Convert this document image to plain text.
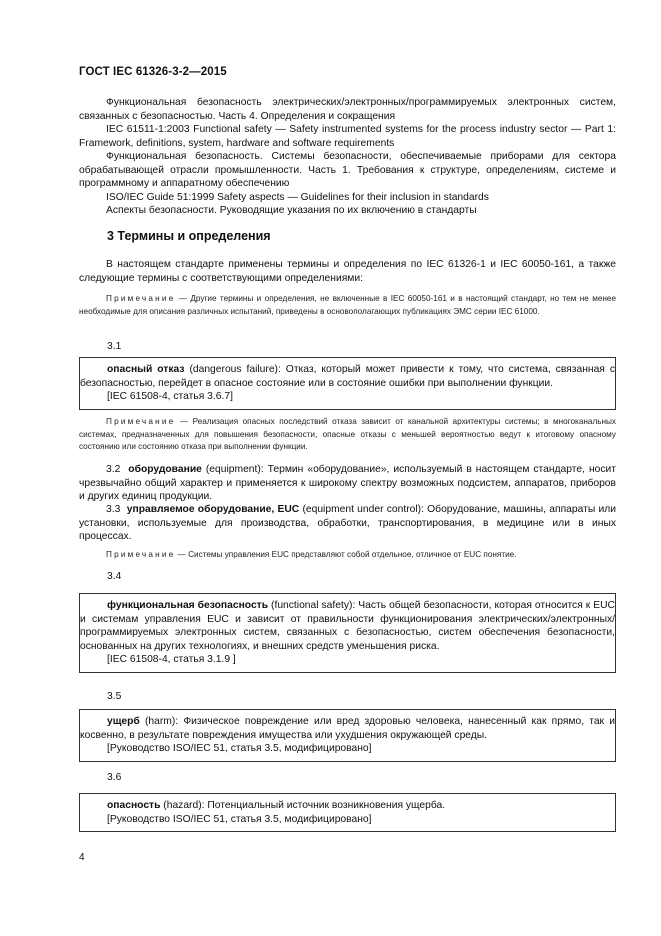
ГОСТ IEC 61326-3-2—2015

Функциональная безопасность электрических/электронных/программируемых электронных систем, связанных с безопасностью. Часть 4. Определения и сокращения

IEC 61511-1:2003 Functional safety — Safety instrumented systems for the process industry sector — Part 1: Framework, definitions, system, hardware and software requirements

Функциональная безопасность. Системы безопасности, обеспечиваемые приборами для сектора обрабатывающей отрасли промышленности. Часть 1. Требования к структуре, определениям, системе и программному и аппаратному обеспечению

ISO/IEC Guide 51:1999 Safety aspects — Guidelines for their inclusion in standards

Аспекты безопасности. Руководящие указания по их включению в стандарты

3 Термины и определения

В настоящем стандарте применены термины и определения по IEC 61326-1 и IEC 60050-161, а также следующие термины с соответствующими определениями:

Примечание — Другие термины и определения, не включенные в IEC 60050-161 и в настоящий стандарт, но тем не менее необходимые для описания различных испытаний, приведены в основополагающих публикациях ЭМС серии IEC 61000.

3.1

опасный отказ (dangerous failure): Отказ, который может привести к тому, что система, связанная с безопасностью, перейдет в опасное состояние или в состояние ошибки при выполнении функции.

[IEC 61508-4, статья 3.6.7]

Примечание — Реализация опасных последствий отказа зависит от канальной архитектуры системы; в многоканальных системах, предназначенных для повышения безопасности, опасные отказы с меньшей вероятностью ведут к итоговому опасному состоянию или состоянию отказа при выполнении функции.

3.2 оборудование (equipment): Термин «оборудование», используемый в настоящем стандарте, носит чрезвычайно общий характер и применяется к широкому спектру возможных подсистем, аппаратов, приборов и других единиц продукции.

3.3 управляемое оборудование, EUC (equipment under control): Оборудование, машины, аппараты или установки, используемые для производства, обработки, транспортирования, в медицине или в иных процессах.

Примечание — Системы управления EUC представляют собой отдельное, отличное от EUC понятие.

3.4

функциональная безопасность (functional safety): Часть общей безопасности, которая относится к EUC и системам управления EUC и зависит от правильности функционирования электрических/электронных/программируемых электронных систем, связанных с безопасностью, систем обеспечения безопасности, основанных на других технологиях, и внешних средств уменьшения риска.

[IEC 61508-4, статья 3.1.9 ]

3.5

ущерб (harm): Физическое повреждение или вред здоровью человека, нанесенный как прямо, так и косвенно, в результате повреждения имущества или ухудшения окружающей среды.

[Руководство ISO/IEC 51, статья 3.5, модифицировано]

3.6

опасность (hazard): Потенциальный источник возникновения ущерба.

[Руководство ISO/IEC 51, статья 3.5, модифицировано]

4
